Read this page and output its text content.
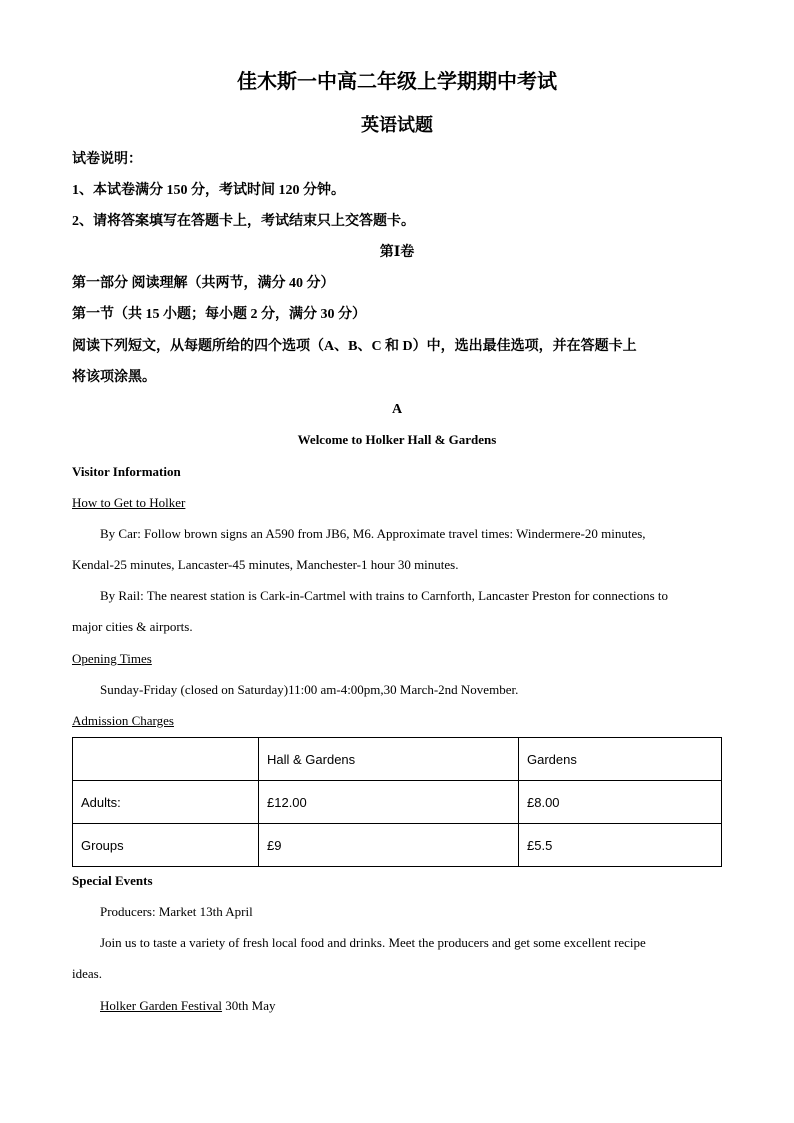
佳木斯一中高二年级上学期期中考试
英语试题
试卷说明：
1、本试卷满分 150 分，考试时间 120 分钟。
2、请将答案填写在答题卡上，考试结束只上交答题卡。
第Ⅰ卷
第一部分 阅读理解（共两节，满分 40 分）
第一节（共 15 小题；每小题 2 分，满分 30 分）
阅读下列短文，从每题所给的四个选项（A、B、C 和 D）中，选出最佳选项，并在答题卡上
将该项涂黑。
A
Welcome to Holker Hall & Gardens
Visitor Information
How to Get to Holker
By Car: Follow brown signs an A590 from JB6, M6. Approximate travel times: Windermere-20 minutes,
Kendal-25 minutes, Lancaster-45 minutes, Manchester-1 hour 30 minutes.
By Rail: The nearest station is Cark-in-Cartmel with trains to Carnforth, Lancaster Preston for connections to
major cities & airports.
Opening Times
Sunday-Friday (closed on Saturday)11:00 am-4:00pm,30 March-2nd November.
Admission Charges
	Hall & Gardens	Gardens
Adults:	£12.00	£8.00
Groups	£9	£5.5
Special Events
Producers: Market 13th April
Join us to taste a variety of fresh local food and drinks. Meet the producers and get some excellent recipe
ideas.
Holker Garden Festival 30th May
